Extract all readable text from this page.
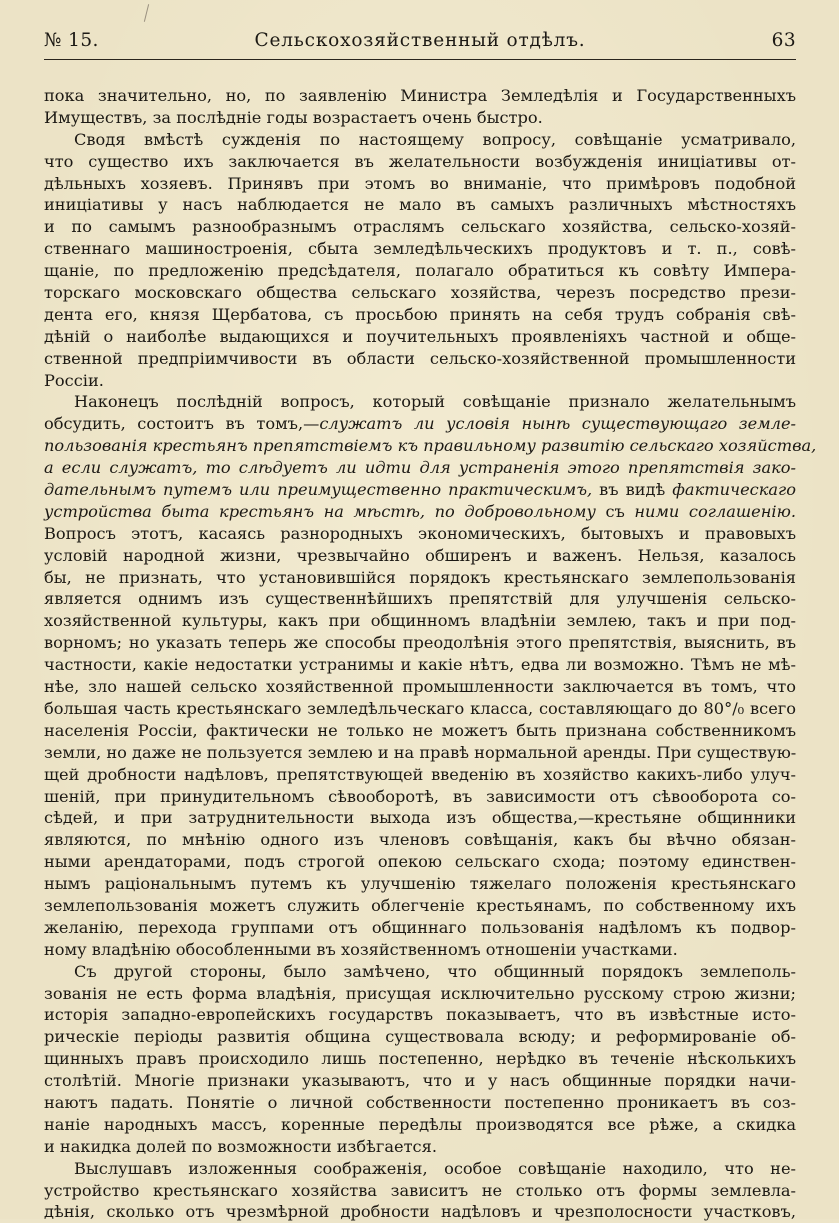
№ 15.	Сельскохозяйственный отдѣлъ.	63
пока значительно, но, по заявленію Министра Земледѣлія и Государственныхъ
Имуществъ, за послѣдніе годы возрастаетъ очень быстро.
Сводя вмѣстѣ сужденія по настоящему вопросу, совѣщаніе усматривало,
что существо ихъ заключается въ желательности возбужденія иниціативы от-
дѣльныхъ хозяевъ. Принявъ при этомъ во вниманіе, что примѣровъ подобной
иниціативы у насъ наблюдается не мало въ самыхъ различныхъ мѣстностяхъ
и по самымъ разнообразнымъ отраслямъ сельскаго хозяйства, сельско-хозяй-
ственнаго машиностроенія, сбыта земледѣльческихъ продуктовъ и т. п., совѣ-
щаніе, по предложенію предсѣдателя, полагало обратиться къ совѣту Импера-
торскаго московскаго общества сельскаго хозяйства, черезъ посредство прези-
дента его, князя Щербатова, съ просьбою принять на себя трудъ собранія свѣ-
дѣній о наиболѣе выдающихся и поучительныхъ проявленіяхъ частной и обще-
ственной предпріимчивости въ области сельско-хозяйственной промышленности
Россіи.
Наконецъ послѣдній вопросъ, который совѣщаніе признало желательнымъ
обсудить, состоитъ въ томъ,—служатъ ли условія нынѣ существующаго земле-
пользованія крестьянъ препятствіемъ къ правильному развитію сельскаго хозяйства,
а если служатъ, то слѣдуетъ ли идти для устраненія этого препятствія зако-
дательнымъ путемъ или преимущественно практическимъ, въ видѣ фактическаго
устройства быта крестьянъ на мѣстѣ, по добровольному съ ними соглашенію.
Вопросъ этотъ, касаясь разнородныхъ экономическихъ, бытовыхъ и правовыхъ
условій народной жизни, чрезвычайно обширенъ и важенъ. Нельзя, казалось
бы, не признать, что установившійся порядокъ крестьянскаго землепользованія
является однимъ изъ существеннѣйшихъ препятствій для улучшенія сельско-
хозяйственной культуры, какъ при общинномъ владѣніи землею, такъ и при под-
ворномъ; но указать теперь же способы преодолѣнія этого препятствія, выяснить, въ
частности, какіе недостатки устранимы и какіе нѣтъ, едва ли возможно. Тѣмъ не мѣ-
нѣе, зло нашей сельско хозяйственной промышленности заключается въ томъ, что
большая часть крестьянскаго земледѣльческаго класса, составляющаго до 80°/₀ всего
населенія Россіи, фактически не только не можетъ быть признана собственникомъ
земли, но даже не пользуется землею и на правѣ нормальной аренды. При существую-
щей дробности надѣловъ, препятствующей введенію въ хозяйство какихъ-либо улуч-
шеній, при принудительномъ сѣвооборотѣ, въ зависимости отъ сѣвооборота со-
сѣдей, и при затруднительности выхода изъ общества,—крестьяне общинники
являются, по мнѣнію одного изъ членовъ совѣщанія, какъ бы вѣчно обязан-
ными арендаторами, подъ строгой опекою сельскаго схода; поэтому единствен-
нымъ раціональнымъ путемъ къ улучшенію тяжелаго положенія крестьянскаго
землепользованія можетъ служить облегченіе крестьянамъ, по собственному ихъ
желанію, перехода группами отъ общиннаго пользованія надѣломъ къ подвор-
ному владѣнію обособленными въ хозяйственномъ отношеніи участками.
Съ другой стороны, было замѣчено, что общинный порядокъ землеполь-
зованія не есть форма владѣнія, присущая исключительно русскому строю жизни;
исторія западно-европейскихъ государствъ показываетъ, что въ извѣстные исто-
рическіе періоды развитія община существовала всюду; и реформированіе об-
щинныхъ правъ происходило лишь постепенно, нерѣдко въ теченіе нѣсколькихъ
столѣтій. Многіе признаки указываютъ, что и у насъ общинные порядки начи-
наютъ падать. Понятіе о личной собственности постепенно проникаетъ въ соз-
наніе народныхъ массъ, коренные передѣлы производятся все рѣже, а скидка
и накидка долей по возможности избѣгается.
Выслушавъ изложенныя соображенія, особое совѣщаніе находило, что не-
устройство крестьянскаго хозяйства зависитъ не столько отъ формы землевла-
дѣнія, сколько отъ чрезмѣрной дробности надѣловъ и чрезполосности участковъ,
